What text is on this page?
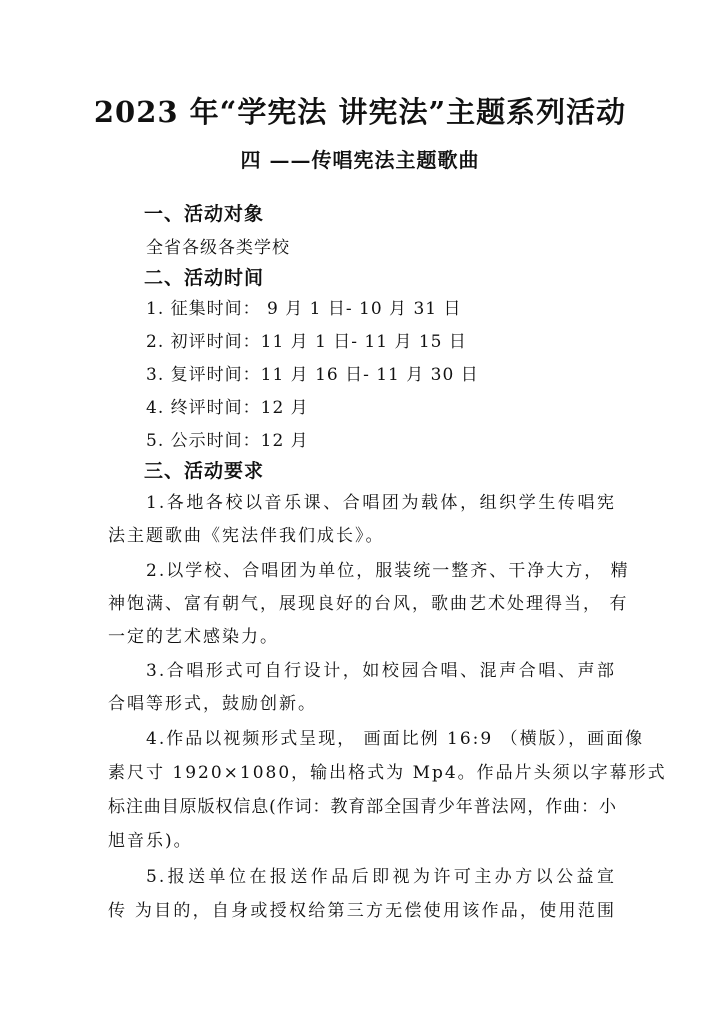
2023 年“学宪法 讲宪法”主题系列活动
四 ——传唱宪法主题歌曲
一、活动对象
全省各级各类学校
二、活动时间
1. 征集时间： 9 月 1 日- 10 月 31 日
2. 初评时间：11 月 1 日- 11 月 15 日
3. 复评时间：11 月 16 日- 11 月 30 日
4. 终评时间：12 月
5. 公示时间：12 月
三、活动要求
1.各地各校以音乐课、合唱团为载体，组织学生传唱宪
法主题歌曲《宪法伴我们成长》。
2.以学校、合唱团为单位，服装统一整齐、干净大方， 精
神饱满、富有朝气，展现良好的台风，歌曲艺术处理得当， 有
一定的艺术感染力。
3.合唱形式可自行设计，如校园合唱、混声合唱、声部
合唱等形式，鼓励创新。
4.作品以视频形式呈现， 画面比例 16:9 （横版），画面像
素尺寸 1920×1080，输出格式为 Mp4。作品片头须以字幕形式
标注曲目原版权信息(作词：教育部全国青少年普法网，作曲：小
旭音乐)。
5.报送单位在报送作品后即视为许可主办方以公益宣
传 为目的，自身或授权给第三方无偿使用该作品，使用范围
